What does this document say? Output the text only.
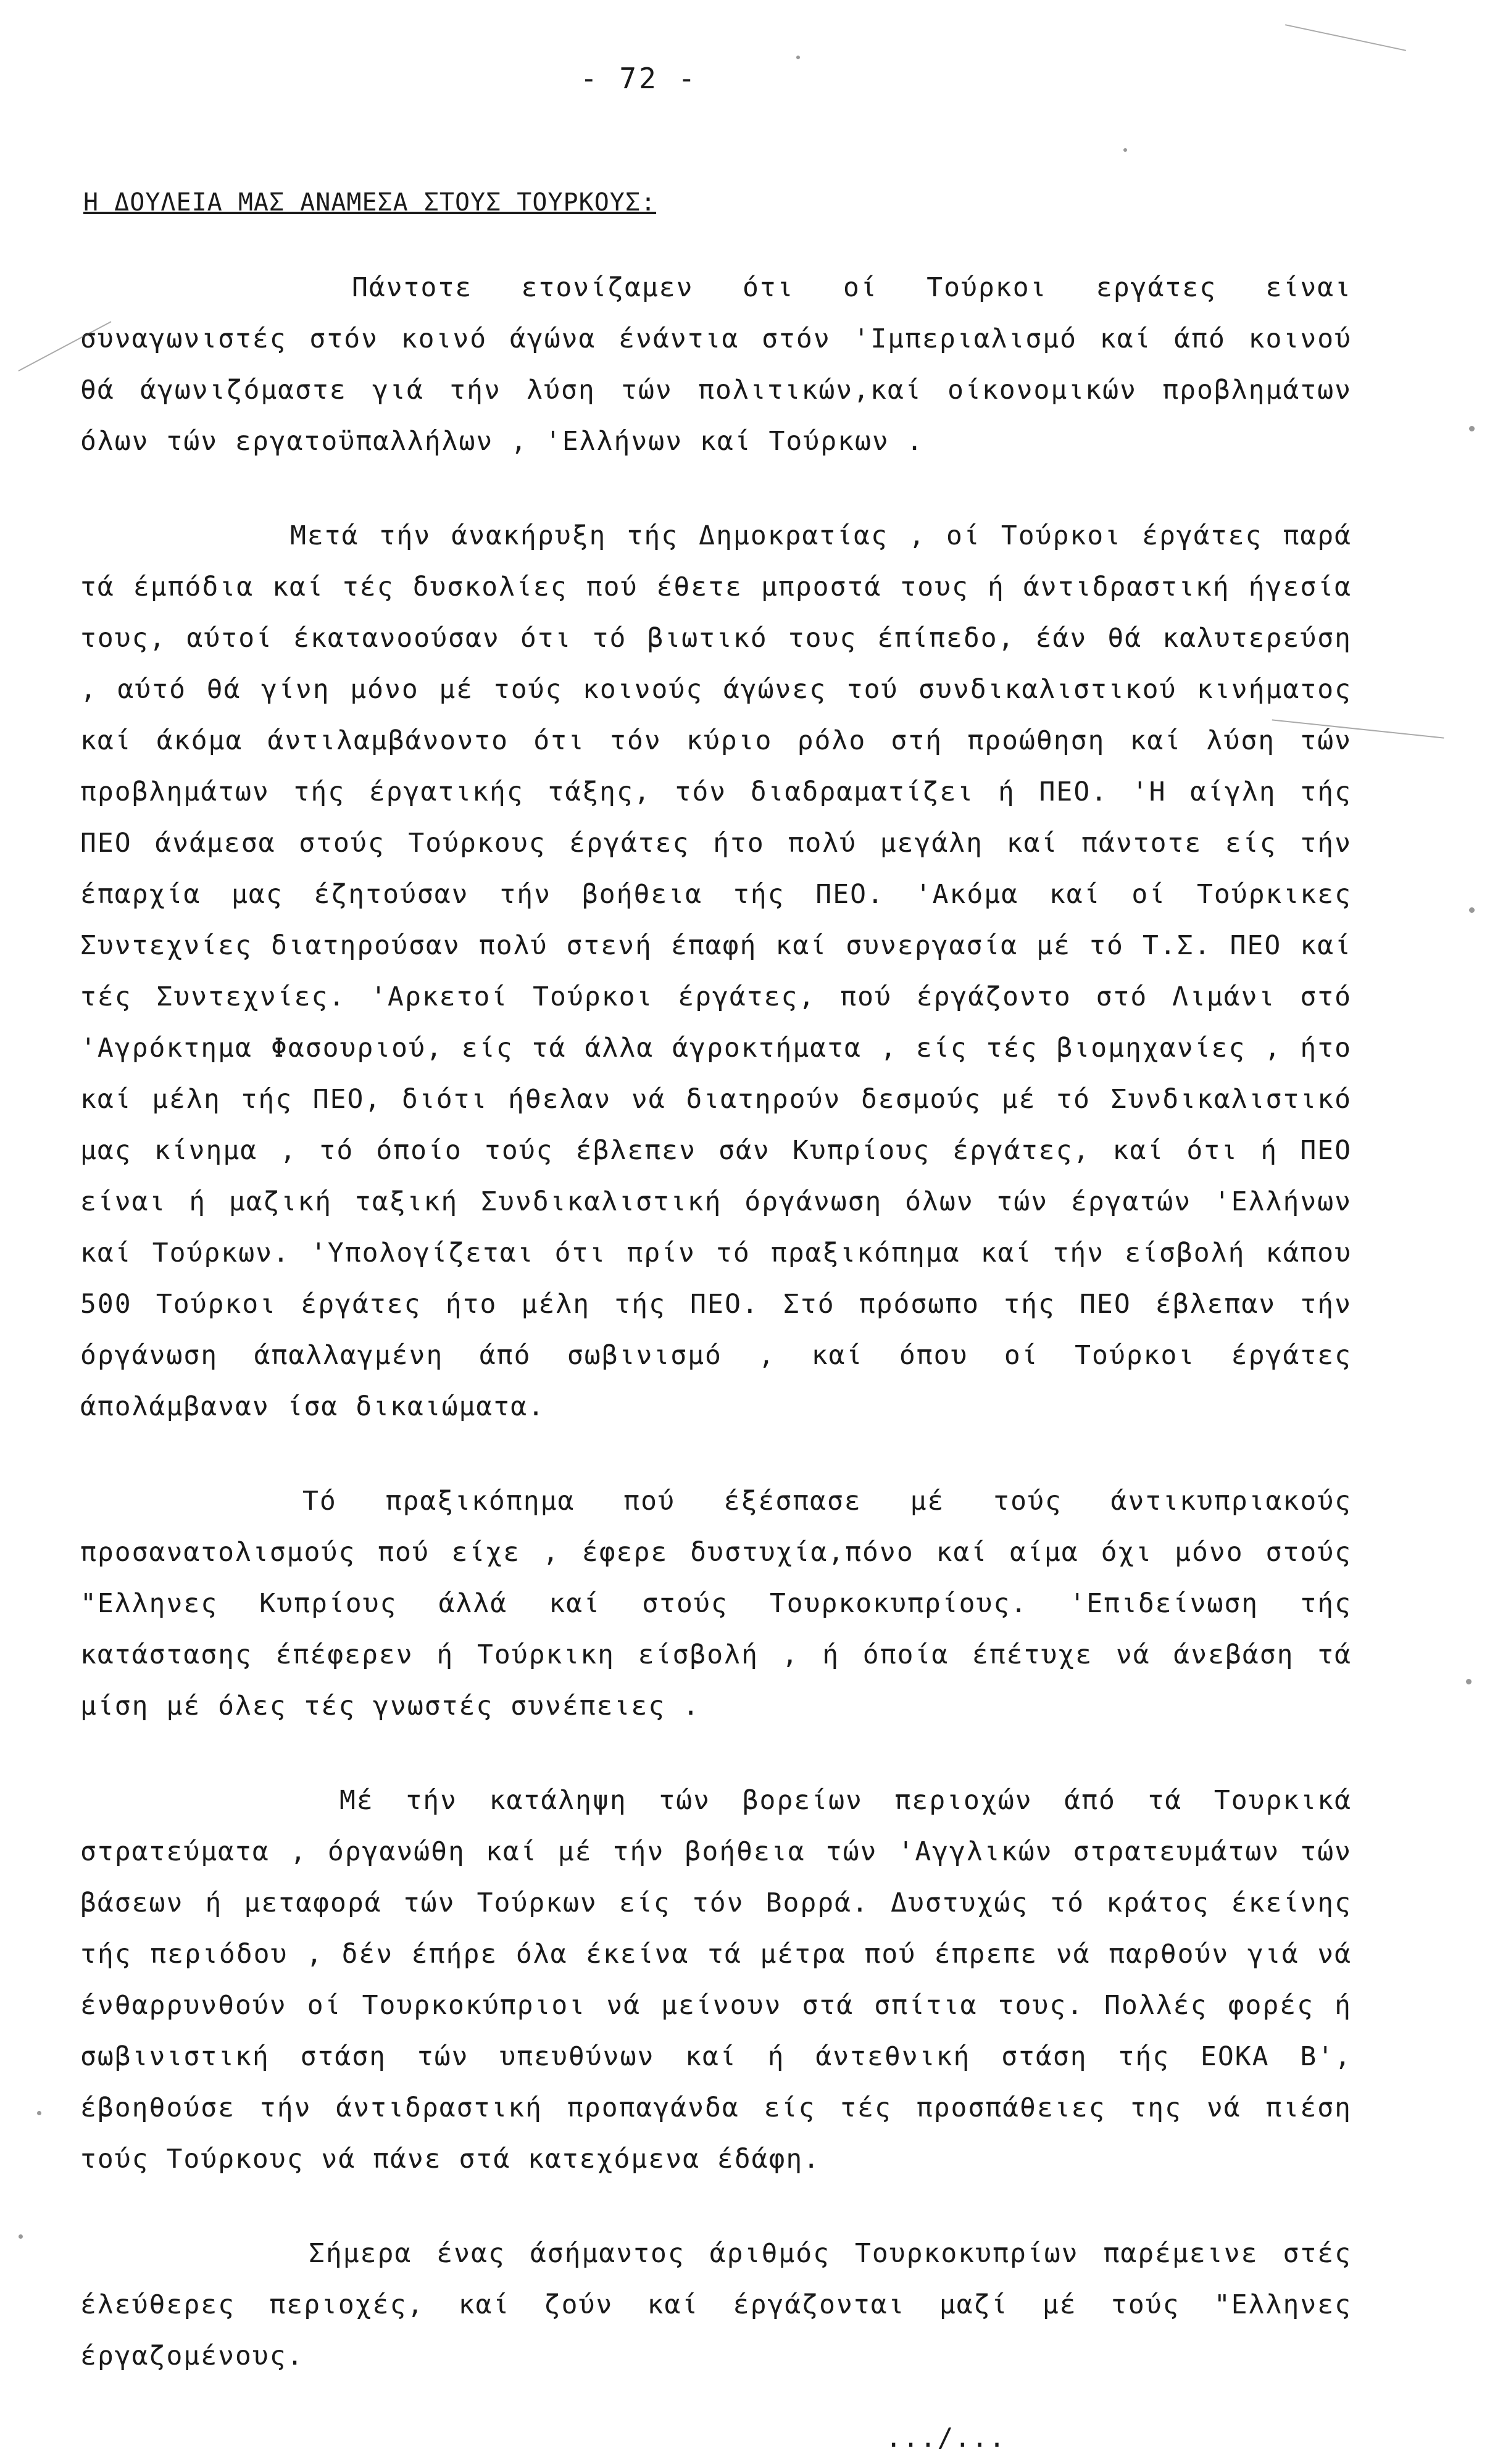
- 72 -
Η ΔΟΥΛΕΙΑ ΜΑΣ ΑΝΑΜΕΣΑ ΣΤΟΥΣ ΤΟΥΡΚΟΥΣ:

Πάντοτε ετονίζαμεν ότι οί Τούρκοι εργάτες είναι συναγωνιστές στόν κοινό άγώνα ένάντια στόν 'Ιμπεριαλισμό καί άπό κοινού θά άγωνιζόμαστε γιά τήν λύση τών πολιτικών,καί οίκονομικών προβλημάτων όλων τών εργατοϋπαλλήλων , 'Ελλήνων καί Τούρκων .

Μετά τήν άνακήρυξη τής Δημοκρατίας , οί Τούρκοι έργάτες παρά τά έμπόδια καί τές δυσκολίες πού έθετε μπροστά τους ή άντιδραστική ήγεσία τους, αύτοί έκατανοούσαν ότι τό βιωτικό τους έπίπεδο, έάν θά καλυτερεύση , αύτό θά γίνη μόνο μέ τούς κοινούς άγώνες τού συνδικαλιστικού κινήματος καί άκόμα άντιλαμβάνοντο ότι τόν κύριο ρόλο στή προώθηση καί λύση τών προβλημάτων τής έργατικής τάξης, τόν διαδραματίζει ή ΠΕΟ. 'Η αίγλη τής ΠΕΟ άνάμεσα στούς Τούρκους έργάτες ήτο πολύ μεγάλη καί πάντοτε είς τήν έπαρχία μας έζητούσαν τήν βοήθεια τής ΠΕΟ. 'Ακόμα καί οί Τούρκικες Συντεχνίες διατηρούσαν πολύ στενή έπαφή καί συνεργασία μέ τό Τ.Σ. ΠΕΟ καί τές Συντεχνίες. 'Αρκετοί Τούρκοι έργάτες, πού έργάζοντο στό Λιμάνι στό 'Αγρόκτημα Φασουριού, είς τά άλλα άγροκτήματα , είς τές βιομηχανίες , ήτο καί μέλη τής ΠΕΟ, διότι ήθελαν νά διατηρούν δεσμούς μέ τό Συνδικαλιστικό μας κίνημα , τό όποίο τούς έβλεπεν σάν Κυπρίους έργάτες, καί ότι ή ΠΕΟ είναι ή μαζική ταξική Συνδικαλιστική όργάνωση όλων τών έργατών 'Ελλήνων καί Τούρκων. 'Υπολογίζεται ότι πρίν τό πραξικόπημα καί τήν είσβολή κάπου 500 Τούρκοι έργάτες ήτο μέλη τής ΠΕΟ. Στό πρόσωπο τής ΠΕΟ έβλεπαν τήν όργάνωση άπαλλαγμένη άπό σωβινισμό , καί όπου οί Τούρκοι έργάτες άπολάμβαναν ίσα δικαιώματα.

Τό πραξικόπημα πού έξέσπασε μέ τούς άντικυπριακούς προσανατολισμούς πού είχε , έφερε δυστυχία,πόνο καί αίμα όχι μόνο στούς "Ελληνες Κυπρίους άλλά καί στούς Τουρκοκυπρίους. 'Επιδείνωση τής κατάστασης έπέφερεν ή Τούρκικη είσβολή , ή όποία έπέτυχε νά άνεβάση τά μίση μέ όλες τές γνωστές συνέπειες .

Μέ τήν κατάληψη τών βορείων περιοχών άπό τά Τουρκικά στρατεύματα , όργανώθη καί μέ τήν βοήθεια τών 'Αγγλικών στρατευμάτων τών βάσεων ή μεταφορά τών Τούρκων είς τόν Βορρά. Δυστυχώς τό κράτος έκείνης τής περιόδου , δέν έπήρε όλα έκείνα τά μέτρα πού έπρεπε νά παρθούν γιά νά ένθαρρυνθούν οί Τουρκοκύπριοι νά μείνουν στά σπίτια τους. Πολλές φορές ή σωβινιστική στάση τών υπευθύνων καί ή άντεθνική στάση τής ΕΟΚΑ Β', έβοηθούσε τήν άντιδραστική προπαγάνδα είς τές προσπάθειες της νά πιέση τούς Τούρκους νά πάνε στά κατεχόμενα έδάφη.

Σήμερα ένας άσήμαντος άριθμός Τουρκοκυπρίων παρέμεινε στές έλεύθερες περιοχές, καί ζούν καί έργάζονται μαζί μέ τούς "Ελληνες έργαζομένους.

.../...
